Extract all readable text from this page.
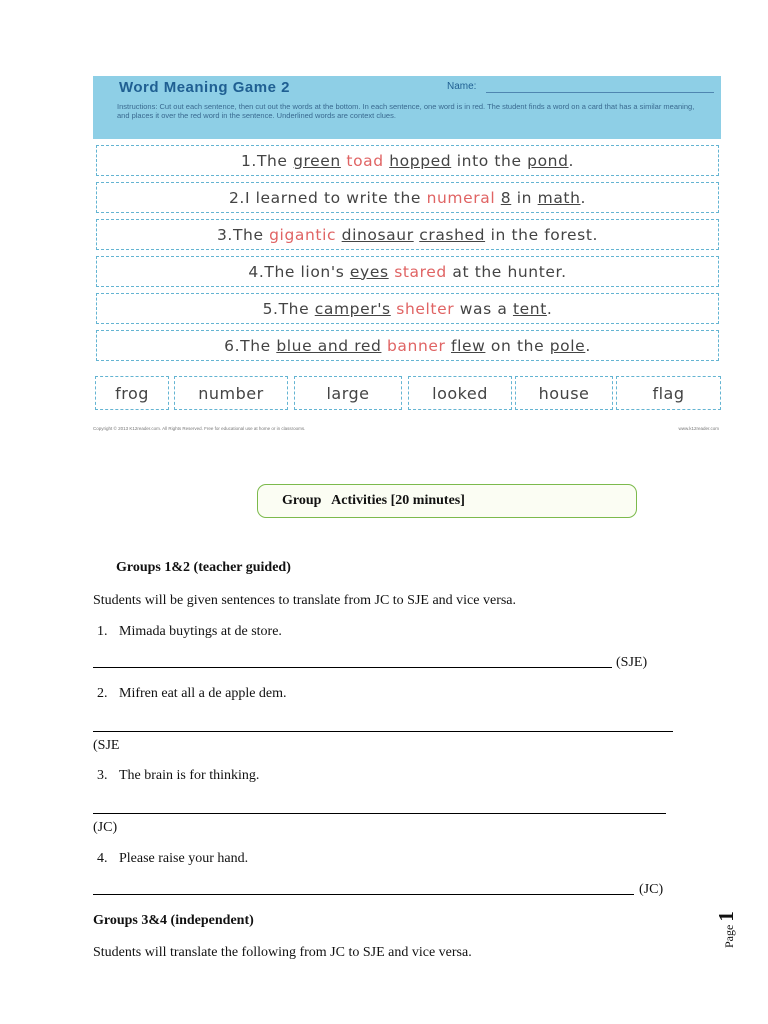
Word Meaning Game 2	Name:
Instructions: Cut out each sentence, then cut out the words at the bottom. In each sentence, one word is in red. The student finds a word on a card that has a similar meaning, and places it over the red word in the sentence. Underlined words are context clues.
1. The green
toad
hopped into the pond .
2. I learned to write the numeral
8 in math .
3. The gigantic
dinosaur
crashed in the forest.
4. The lion's eyes
stared at the hunter.
5. The camper's
shelter was a tent .
6. The blue and red
banner
flew on the pole .
frog	number	large	looked	house	flag
Copyright © 2013 K12reader.com. All Rights Reserved. Free for educational use at home or in classrooms.	www.k12reader.com
Group   Activities [20 minutes]
Groups 1&2 (teacher guided)
Students will be given sentences to translate from JC to SJE and vice versa.
1. Mimada buytings at de store.
(SJE)
2. Mifren eat all a de apple dem.
(SJE
3. The brain is for thinking.
(JC)
4. Please raise your hand.
(JC)
Groups 3&4 (independent)
Students will translate the following from JC to SJE and vice versa.
Page 1
